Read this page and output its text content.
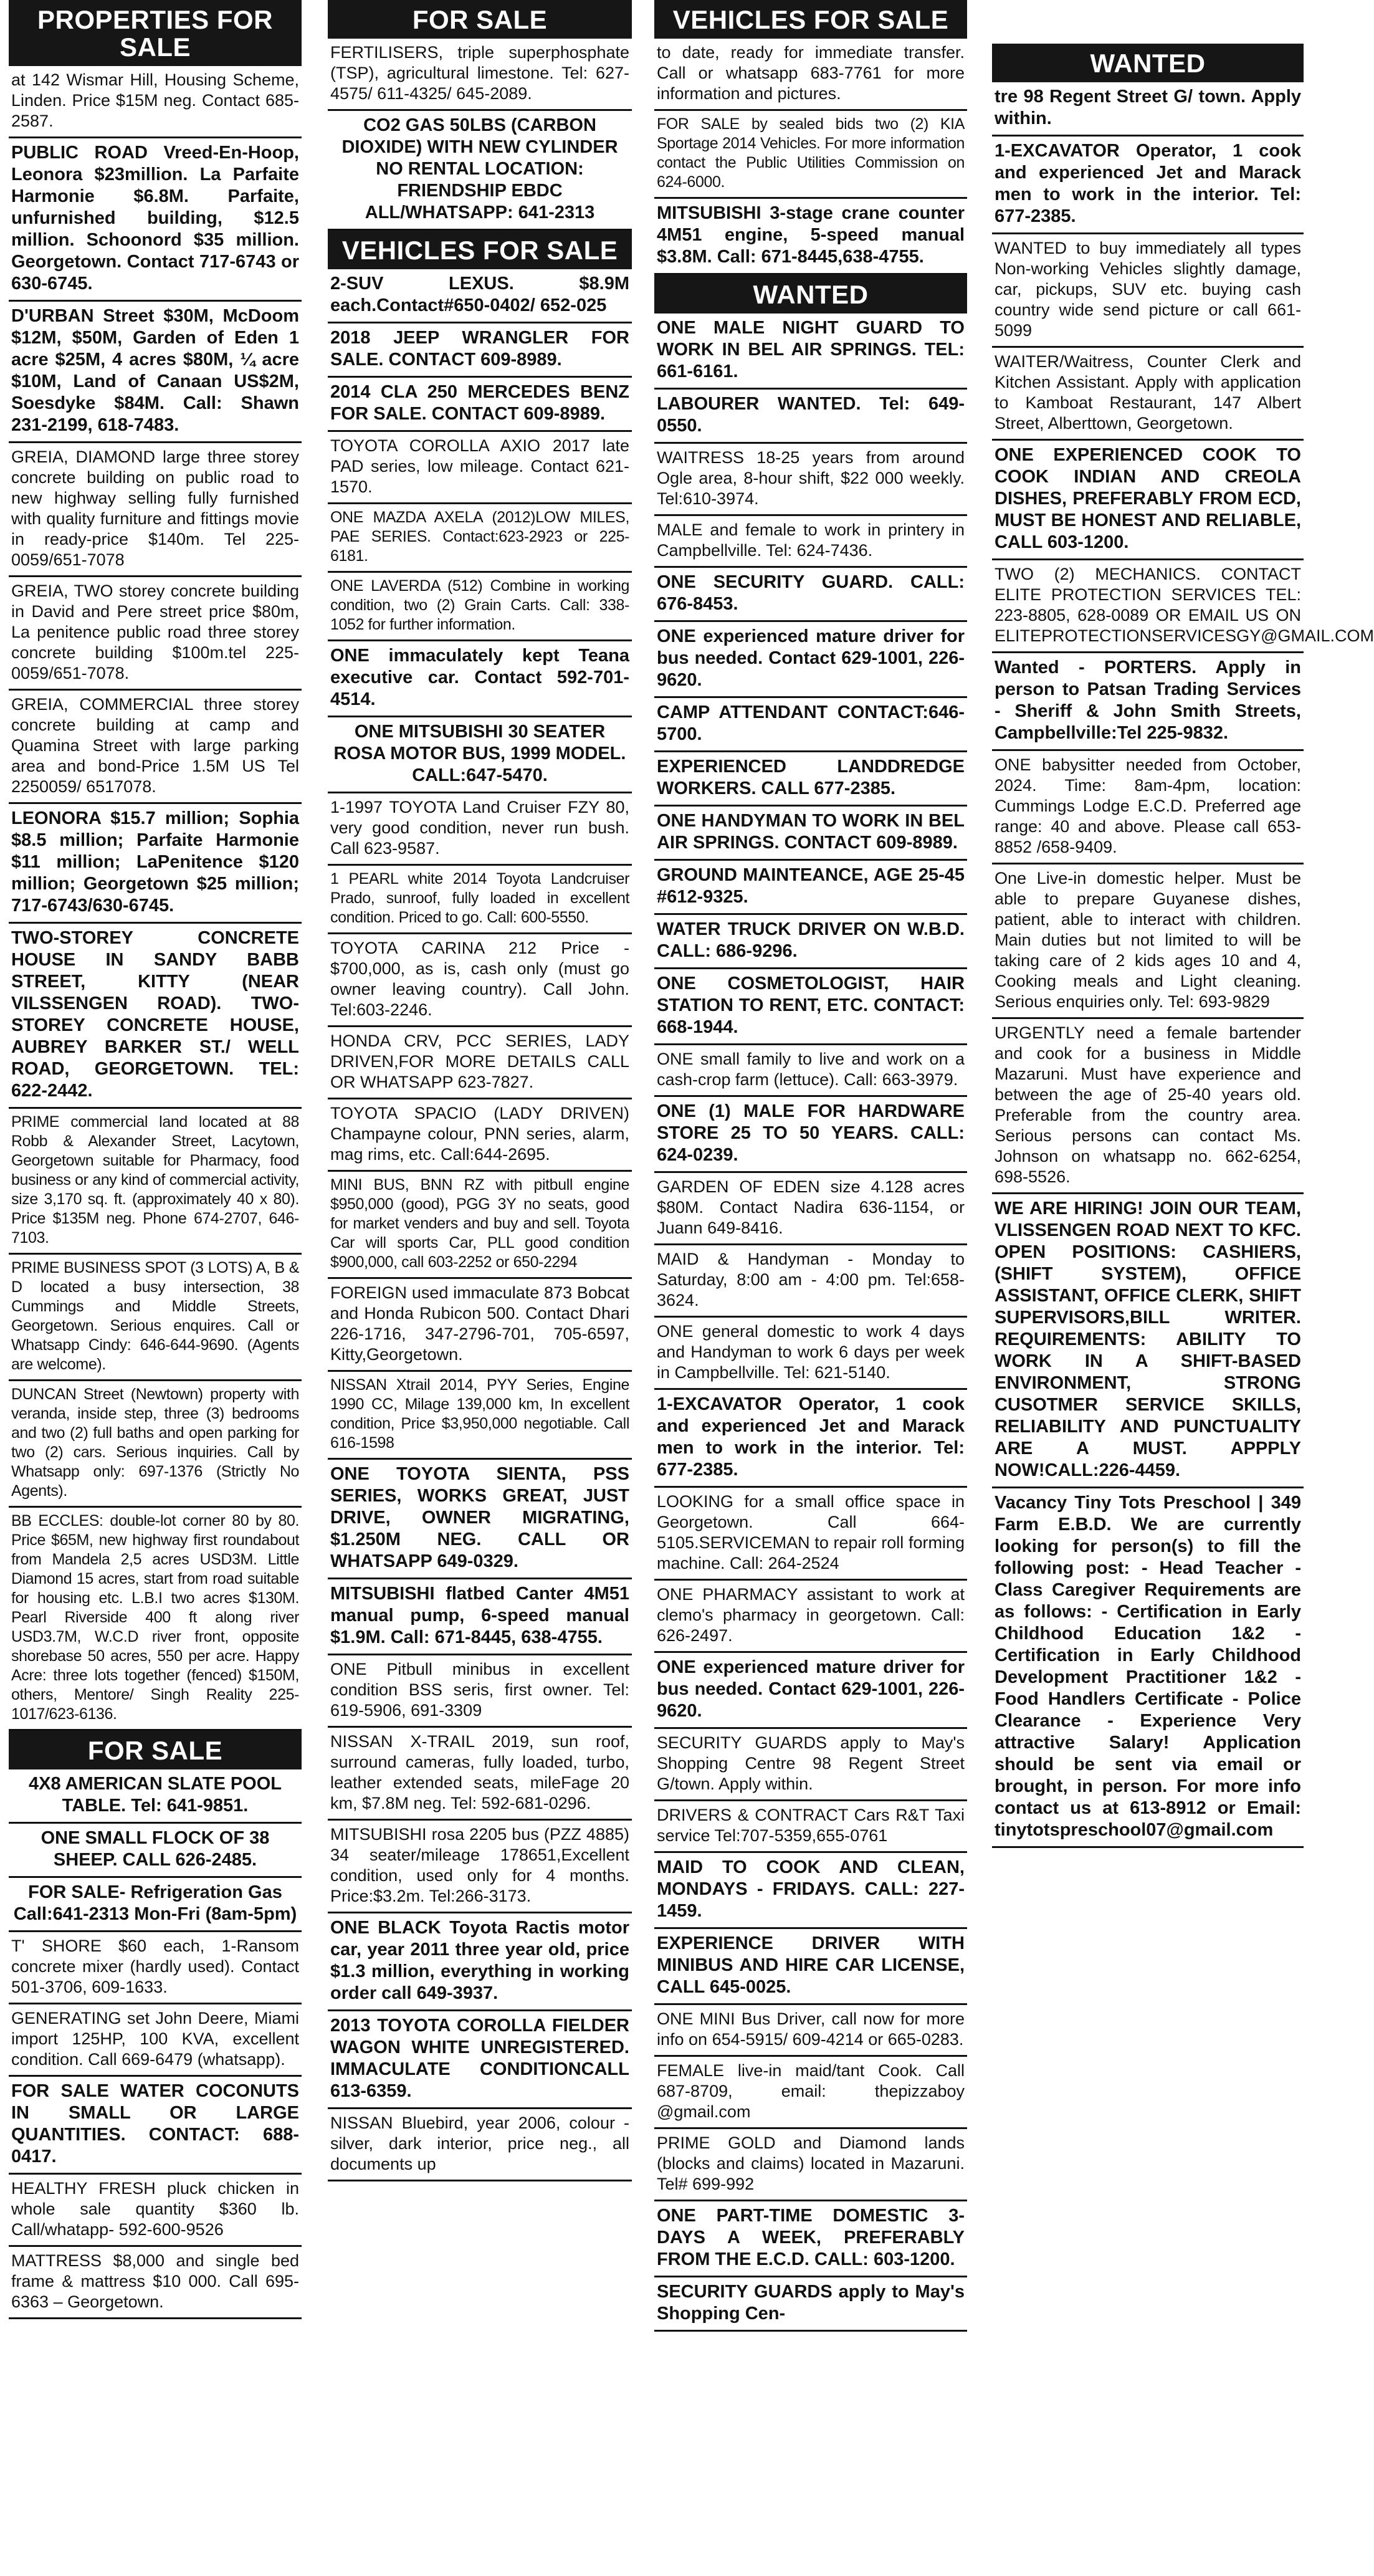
PROPERTIES FOR SALE
at 142 Wismar Hill, Housing Scheme, Linden. Price $15M neg. Contact 685-2587.
PUBLIC ROAD Vreed-En-Hoop, Leonora $23million. La Parfaite Harmonie $6.8M. Parfaite, unfurnished building, $12.5 million. Schoonord $35 million. Georgetown. Contact 717-6743 or 630-6745.
D'URBAN Street $30M, McDoom $12M, $50M, Garden of Eden 1 acre $25M, 4 acres $80M, ¼ acre $10M, Land of Canaan US$2M, Soesdyke $84M. Call: Shawn 231-2199, 618-7483.
GREIA, DIAMOND large three storey concrete building on public road to new highway selling fully furnished with quality furniture and fittings movie in ready-price $140m. Tel 225-0059/651-7078
GREIA, TWO storey concrete building in David and Pere street price $80m, La penitence public road three storey concrete building $100m.tel 225-0059/651-7078.
GREIA, COMMERCIAL three storey concrete building at camp and Quamina Street with large parking area and bond-Price 1.5M US Tel 2250059/ 6517078.
LEONORA $15.7 million; Sophia $8.5 million; Parfaite Harmonie $11 million; LaPenitence $120 million; Georgetown $25 million; 717-6743/630-6745.
TWO-STOREY CONCRETE HOUSE IN SANDY BABB STREET, KITTY (NEAR VILSSENGEN ROAD). TWO-STOREY CONCRETE HOUSE, AUBREY BARKER ST./ WELL ROAD, GEORGETOWN. TEL: 622-2442.
PRIME commercial land located at 88 Robb & Alexander Street, Lacytown, Georgetown suitable for Pharmacy, food business or any kind of commercial activity, size 3,170 sq. ft. (approximately 40 x 80). Price $135M neg. Phone 674-2707, 646-7103.
PRIME BUSINESS SPOT (3 LOTS) A, B & D located a busy intersection, 38 Cummings and Middle Streets, Georgetown. Serious enquires. Call or Whatsapp Cindy: 646-644-9690. (Agents are welcome).
DUNCAN Street (Newtown) property with veranda, inside step, three (3) bedrooms and two (2) full baths and open parking for two (2) cars. Serious inquiries. Call by Whatsapp only: 697-1376 (Strictly No Agents).
BB ECCLES: double-lot corner 80 by 80. Price $65M, new highway first roundabout from Mandela 2,5 acres USD3M. Little Diamond 15 acres, start from road suitable for housing etc. L.B.I two acres $130M. Pearl Riverside 400 ft along river USD3.7M, W.C.D river front, opposite shorebase 50 acres, 550 per acre. Happy Acre: three lots together (fenced) $150M, others, Mentore/ Singh Reality 225-1017/623-6136.
FOR SALE
4X8 AMERICAN SLATE POOL TABLE. Tel: 641-9851.
ONE SMALL FLOCK OF 38 SHEEP. CALL 626-2485.
FOR SALE- Refrigeration Gas Call:641-2313 Mon-Fri (8am-5pm)
T' SHORE $60 each, 1-Ransom concrete mixer (hardly used). Contact 501-3706, 609-1633.
GENERATING set John Deere, Miami import 125HP, 100 KVA, excellent condition. Call 669-6479 (whatsapp).
FOR SALE WATER COCONUTS IN SMALL OR LARGE QUANTITIES. CONTACT: 688-0417.
HEALTHY FRESH pluck chicken in whole sale quantity $360 lb. Call/whatapp- 592-600-9526
MATTRESS $8,000 and single bed frame & mattress $10 000. Call 695-6363 – Georgetown.
FOR SALE
FERTILISERS, triple superphosphate (TSP), agricultural limestone. Tel: 627-4575/ 611-4325/ 645-2089.
CO2 GAS 50LBS (CARBON DIOXIDE) WITH NEW CYLINDER NO RENTAL LOCATION: FRIENDSHIP EBDC ALL/WHATSAPP: 641-2313
VEHICLES FOR SALE
2-SUV LEXUS. $8.9M each.Contact#650-0402/ 652-025
2018 JEEP WRANGLER FOR SALE. CONTACT 609-8989.
2014 CLA 250 MERCEDES BENZ FOR SALE. CONTACT 609-8989.
TOYOTA COROLLA AXIO 2017 late PAD series, low mileage. Contact 621-1570.
ONE MAZDA AXELA (2012)LOW MILES, PAE SERIES. Contact:623-2923 or 225-6181.
ONE LAVERDA (512) Combine in working condition, two (2) Grain Carts. Call: 338-1052 for further information.
ONE immaculately kept Teana executive car. Contact 592-701-4514.
ONE MITSUBISHI 30 SEATER ROSA MOTOR BUS, 1999 MODEL. CALL:647-5470.
1-1997 TOYOTA Land Cruiser FZY 80, very good condition, never run bush. Call 623-9587.
1 PEARL white 2014 Toyota Landcruiser Prado, sunroof, fully loaded in excellent condition. Priced to go. Call: 600-5550.
TOYOTA CARINA 212 Price - $700,000, as is, cash only (must go owner leaving country). Call John. Tel:603-2246.
HONDA CRV, PCC SERIES, LADY DRIVEN,FOR MORE DETAILS CALL OR WHATSAPP 623-7827.
TOYOTA SPACIO (LADY DRIVEN) Champayne colour, PNN series, alarm, mag rims, etc. Call:644-2695.
MINI BUS, BNN RZ with pitbull engine $950,000 (good), PGG 3Y no seats, good for market venders and buy and sell. Toyota Car will sports Car, PLL good condition $900,000, call 603-2252 or 650-2294
FOREIGN used immaculate 873 Bobcat and Honda Rubicon 500. Contact Dhari 226-1716, 347-2796-701, 705-6597, Kitty,Georgetown.
NISSAN Xtrail 2014, PYY Series, Engine 1990 CC, Milage 139,000 km, In excellent condition, Price $3,950,000 negotiable. Call 616-1598
ONE TOYOTA SIENTA, PSS SERIES, WORKS GREAT, JUST DRIVE, OWNER MIGRATING, $1.250M NEG. CALL OR WHATSAPP 649-0329.
MITSUBISHI flatbed Canter 4M51 manual pump, 6-speed manual $1.9M. Call: 671-8445, 638-4755.
ONE Pitbull minibus in excellent condition BSS seris, first owner. Tel: 619-5906, 691-3309
NISSAN X-TRAIL 2019, sun roof, surround cameras, fully loaded, turbo, leather extended seats, mileFage 20 km, $7.8M neg. Tel: 592-681-0296.
MITSUBISHI rosa 2205 bus (PZZ 4885) 34 seater/mileage 178651,Excellent condition, used only for 4 months. Price:$3.2m. Tel:266-3173.
ONE BLACK Toyota Ractis motor car, year 2011 three year old, price $1.3 million, everything in working order call 649-3937.
2013 TOYOTA COROLLA FIELDER WAGON WHITE UNREGISTERED. IMMACULATE CONDITIONCALL 613-6359.
NISSAN Bluebird, year 2006, colour - silver, dark interior, price neg., all documents up
VEHICLES FOR SALE
to date, ready for immediate transfer. Call or whatsapp 683-7761 for more information and pictures.
FOR SALE by sealed bids two (2) KIA Sportage 2014 Vehicles. For more information contact the Public Utilities Commission on 624-6000.
MITSUBISHI 3-stage crane counter 4M51 engine, 5-speed manual $3.8M. Call: 671-8445,638-4755.
WANTED
ONE MALE NIGHT GUARD TO WORK IN BEL AIR SPRINGS. TEL: 661-6161.
LABOURER WANTED. Tel: 649-0550.
WAITRESS 18-25 years from around Ogle area, 8-hour shift, $22 000 weekly. Tel:610-3974.
MALE and female to work in printery in Campbellville. Tel: 624-7436.
ONE SECURITY GUARD. CALL: 676-8453.
ONE experienced mature driver for bus needed. Contact 629-1001, 226-9620.
CAMP ATTENDANT CONTACT:646-5700.
EXPERIENCED LANDDREDGE WORKERS. CALL 677-2385.
ONE HANDYMAN TO WORK IN BEL AIR SPRINGS. CONTACT 609-8989.
GROUND MAINTEANCE, AGE 25-45 #612-9325.
WATER TRUCK DRIVER ON W.B.D. CALL: 686-9296.
ONE COSMETOLOGIST, HAIR STATION TO RENT, ETC. CONTACT: 668-1944.
ONE small family to live and work on a cash-crop farm (lettuce). Call: 663-3979.
ONE (1) MALE FOR HARDWARE STORE 25 TO 50 YEARS. CALL: 624-0239.
GARDEN OF EDEN size 4.128 acres $80M. Contact Nadira 636-1154, or Juann 649-8416.
MAID & Handyman - Monday to Saturday, 8:00 am - 4:00 pm. Tel:658-3624.
ONE general domestic to work 4 days and Handyman to work 6 days per week in Campbellville. Tel: 621-5140.
1-EXCAVATOR Operator, 1 cook and experienced Jet and Marack men to work in the interior. Tel: 677-2385.
LOOKING for a small office space in Georgetown. Call 664-5105.SERVICEMAN to repair roll forming machine. Call: 264-2524
ONE PHARMACY assistant to work at clemo's pharmacy in georgetown. Call: 626-2497.
ONE experienced mature driver for bus needed. Contact 629-1001, 226-9620.
SECURITY GUARDS apply to May's Shopping Centre 98 Regent Street G/town. Apply within.
DRIVERS & CONTRACT Cars R&T Taxi service Tel:707-5359,655-0761
MAID TO COOK AND CLEAN, MONDAYS - FRIDAYS. CALL: 227-1459.
EXPERIENCE DRIVER WITH MINIBUS AND HIRE CAR LICENSE, CALL 645-0025.
ONE MINI Bus Driver, call now for more info on 654-5915/ 609-4214 or 665-0283.
FEMALE live-in maid/tant Cook. Call 687-8709, email: thepizzaboy @gmail.com
PRIME GOLD and Diamond lands (blocks and claims) located in Mazaruni. Tel# 699-992
ONE PART-TIME DOMESTIC 3-DAYS A WEEK, PREFERABLY FROM THE E.C.D. CALL: 603-1200.
SECURITY GUARDS apply to May's Shopping Cen-
WANTED
tre 98 Regent Street G/ town. Apply within.
1-EXCAVATOR Operator, 1 cook and experienced Jet and Marack men to work in the interior. Tel: 677-2385.
WANTED to buy immediately all types Non-working Vehicles slightly damage, car, pickups, SUV etc. buying cash country wide send picture or call 661-5099
WAITER/Waitress, Counter Clerk and Kitchen Assistant. Apply with application to Kamboat Restaurant, 147 Albert Street, Alberttown, Georgetown.
ONE EXPERIENCED COOK TO COOK INDIAN AND CREOLA DISHES, PREFERABLY FROM ECD, MUST BE HONEST AND RELIABLE, CALL 603-1200.
TWO (2) MECHANICS. CONTACT ELITE PROTECTION SERVICES TEL: 223-8805, 628-0089 OR EMAIL US ON ELITEPROTECTIONSERVICESGY@GMAIL.COM
Wanted - PORTERS. Apply in person to Patsan Trading Services - Sheriff & John Smith Streets, Campbellville:Tel 225-9832.
ONE babysitter needed from October, 2024. Time: 8am-4pm, location: Cummings Lodge E.C.D. Preferred age range: 40 and above. Please call 653-8852 /658-9409.
One Live-in domestic helper. Must be able to prepare Guyanese dishes, patient, able to interact with children. Main duties but not limited to will be taking care of 2 kids ages 10 and 4, Cooking meals and Light cleaning. Serious enquiries only. Tel: 693-9829
URGENTLY need a female bartender and cook for a business in Middle Mazaruni. Must have experience and between the age of 25-40 years old. Preferable from the country area. Serious persons can contact Ms. Johnson on whatsapp no. 662-6254, 698-5526.
WE ARE HIRING! JOIN OUR TEAM, VLISSENGEN ROAD NEXT TO KFC. OPEN POSITIONS: CASHIERS, (SHIFT SYSTEM), OFFICE ASSISTANT, OFFICE CLERK, SHIFT SUPERVISORS,BILL WRITER. REQUIREMENTS: ABILITY TO WORK IN A SHIFT-BASED ENVIRONMENT, STRONG CUSOTMER SERVICE SKILLS, RELIABILITY AND PUNCTUALITY ARE A MUST. APPPLY NOW!CALL:226-4459.
Vacancy Tiny Tots Preschool | 349 Farm E.B.D. We are currently looking for person(s) to fill the following post: - Head Teacher - Class Caregiver Requirements are as follows: - Certification in Early Childhood Education 1&2 - Certification in Early Childhood Development Practitioner 1&2 - Food Handlers Certificate - Police Clearance - Experience Very attractive Salary! Application should be sent via email or brought, in person. For more info contact us at 613-8912 or Email: tinytotspreschool07@gmail.com
